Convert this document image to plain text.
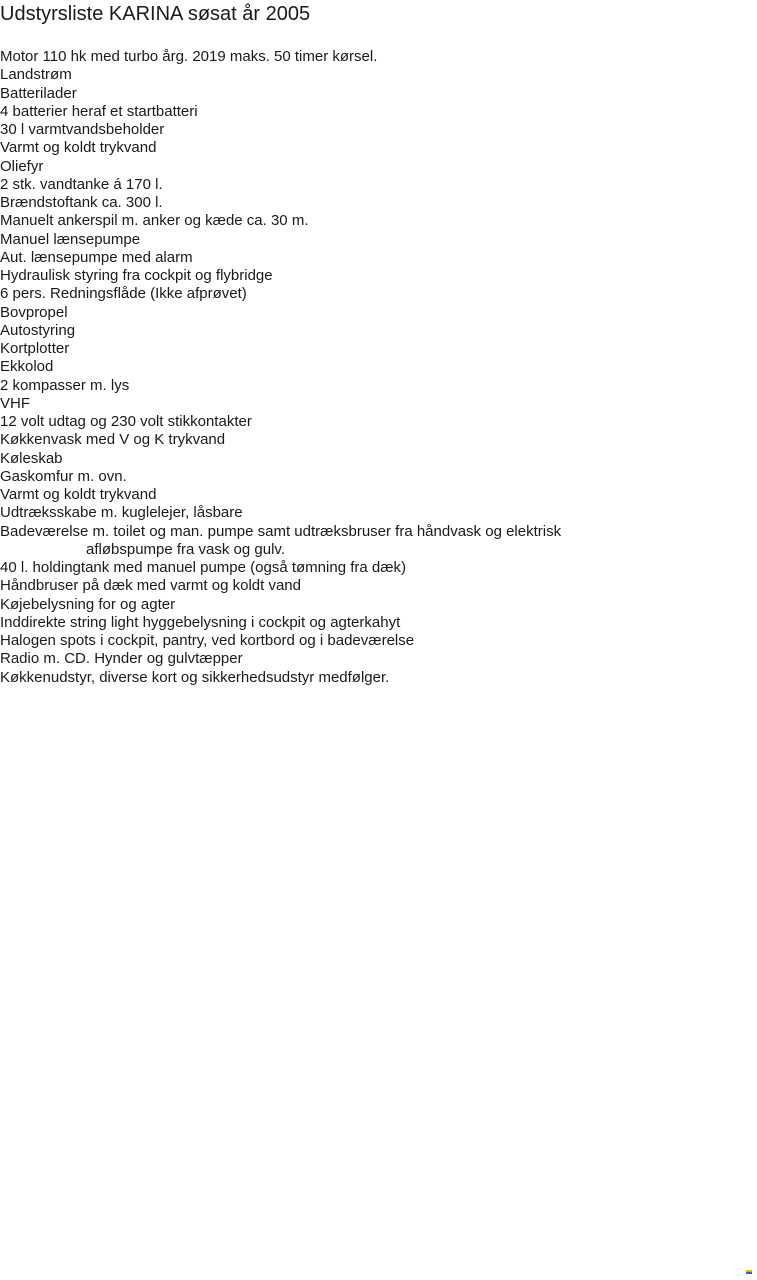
Udstyrsliste KARINA søsat år 2005
Motor 110 hk med turbo årg. 2019 maks. 50 timer kørsel.
Landstrøm
Batterilader
4 batterier heraf et startbatteri
30 l varmtvandsbeholder
Varmt og koldt trykvand
Oliefyr
2 stk. vandtanke á 170 l.
Brændstoftank ca. 300 l.
Manuelt ankerspil m. anker og kæde ca. 30 m.
Manuel lænsepumpe
Aut. lænsepumpe med alarm
Hydraulisk styring fra cockpit og flybridge
6 pers. Redningsflåde (Ikke afprøvet)
Bovpropel
Autostyring
Kortplotter
Ekkolod
2 kompasser m. lys
VHF
12 volt udtag og 230 volt stikkontakter
Køkkenvask med V og K trykvand
Køleskab
Gaskomfur m. ovn.
Varmt og koldt trykvand
Udtræksskabe m. kuglelejer, låsbare
Badeværelse m. toilet og man. pumpe samt udtræksbruser fra håndvask og elektrisk
afløbspumpe fra vask og gulv.
40 l. holdingtank med manuel pumpe (også tømning fra dæk)
Håndbruser på dæk med varmt og koldt vand
Køjebelysning for og agter
Inddirekte string light hyggebelysning i cockpit og agterkahyt
Halogen spots i cockpit, pantry, ved kortbord og i badeværelse
Radio m. CD. Hynder og gulvtæpper
Køkkenudstyr, diverse kort og sikkerhedsudstyr medfølger.
